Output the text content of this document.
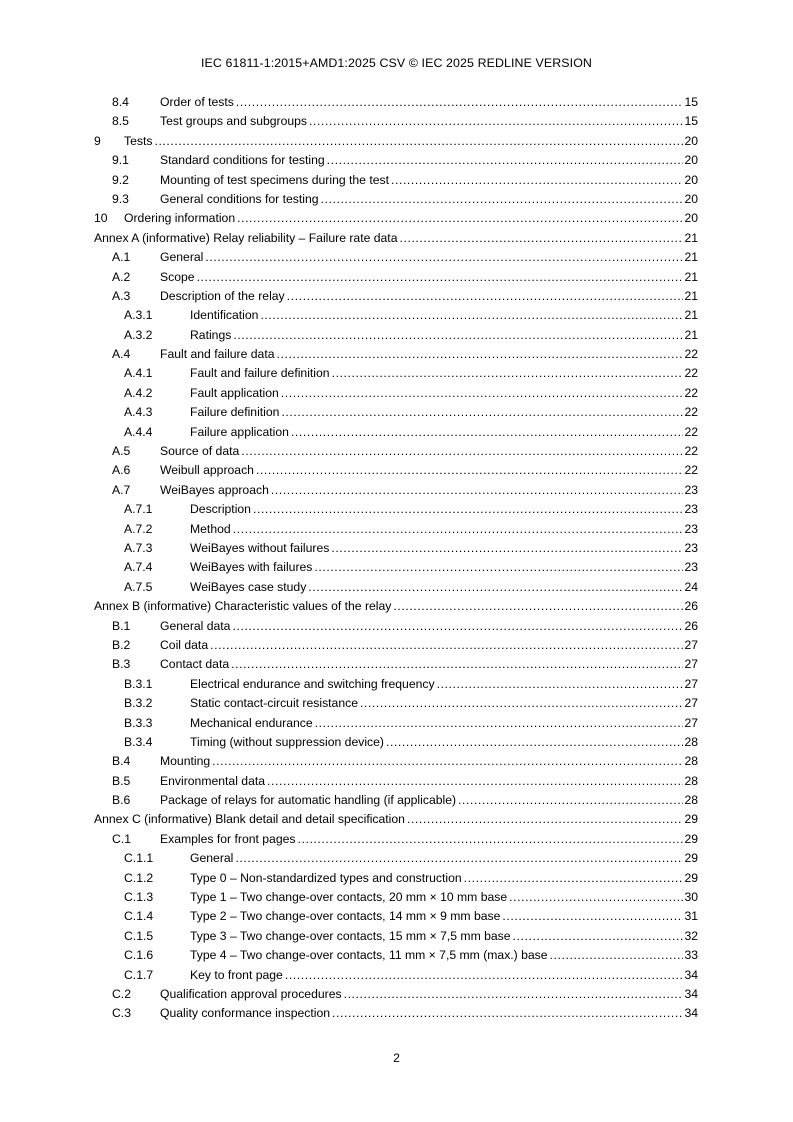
IEC 61811-1:2015+AMD1:2025 CSV © IEC 2025 REDLINE VERSION
8.4	Order of tests .....	15
8.5	Test groups and subgroups .....	15
9 Tests .....	20
9.1	Standard conditions for testing .....	20
9.2	Mounting of test specimens during the test .....	20
9.3	General conditions for testing .....	20
10 Ordering information .....	20
Annex A (informative) Relay reliability – Failure rate data .....	21
A.1 General .....	21
A.2 Scope .....	21
A.3 Description of the relay .....	21
A.3.1	Identification .....	21
A.3.2	Ratings .....	21
A.4 Fault and failure data .....	22
A.4.1	Fault and failure definition .....	22
A.4.2	Fault application .....	22
A.4.3	Failure definition .....	22
A.4.4	Failure application .....	22
A.5 Source of data .....	22
A.6 Weibull approach .....	22
A.7 WeiBayes approach .....	23
A.7.1	Description .....	23
A.7.2	Method .....	23
A.7.3	WeiBayes without failures .....	23
A.7.4	WeiBayes with failures .....	23
A.7.5	WeiBayes case study .....	24
Annex B (informative) Characteristic values of the relay .....	26
B.1 General data .....	26
B.2 Coil data .....	27
B.3 Contact data .....	27
B.3.1	Electrical endurance and switching frequency .....	27
B.3.2	Static contact-circuit resistance .....	27
B.3.3	Mechanical endurance .....	27
B.3.4	Timing (without suppression device) .....	28
B.4 Mounting .....	28
B.5 Environmental data .....	28
B.6 Package of relays for automatic handling (if applicable) .....	28
Annex C (informative) Blank detail and detail specification .....	29
C.1 Examples for front pages .....	29
C.1.1	General .....	29
C.1.2	Type 0 – Non-standardized types and construction .....	29
C.1.3	Type 1 – Two change-over contacts, 20 mm × 10 mm base .....	30
C.1.4	Type 2 – Two change-over contacts, 14 mm × 9 mm base .....	31
C.1.5	Type 3 – Two change-over contacts, 15 mm × 7,5 mm base .....	32
C.1.6	Type 4 – Two change-over contacts, 11 mm × 7,5 mm (max.) base .....	33
C.1.7	Key to front page .....	34
C.2 Qualification approval procedures .....	34
C.3 Quality conformance inspection .....	34
2
